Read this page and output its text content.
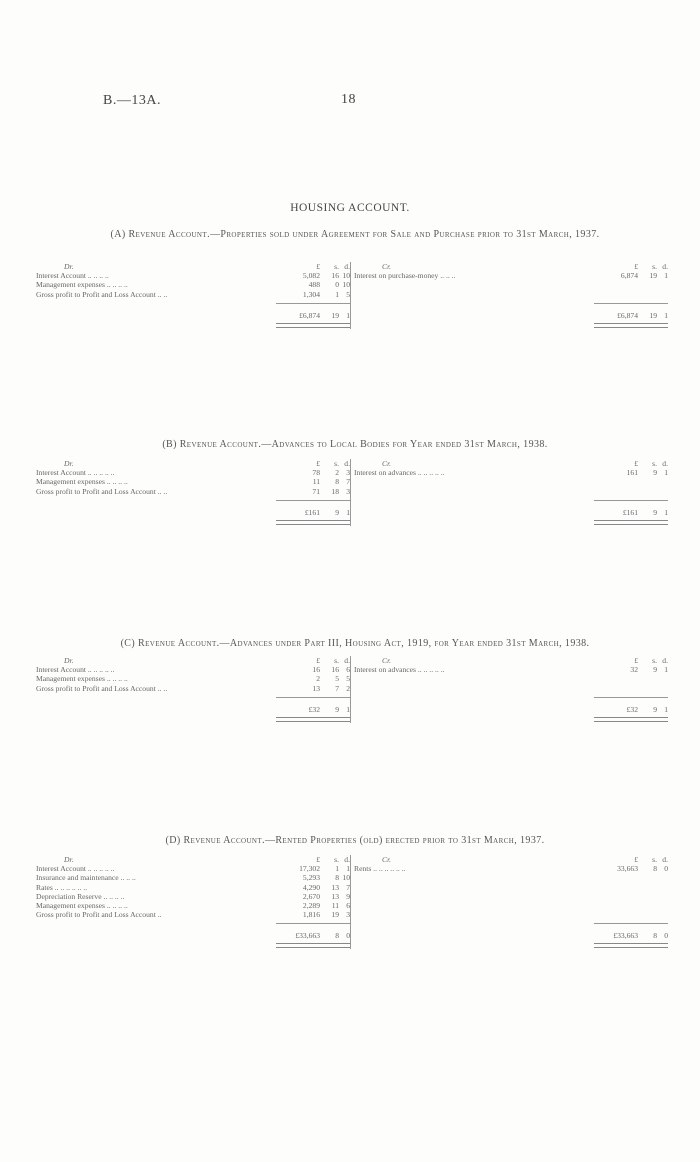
B.—13A.	18
HOUSING ACCOUNT.
(A) Revenue Account.—Properties sold under Agreement for Sale and Purchase prior to 31st March, 1937.
Dr.	£	s. d.
Interest Account .. .. .. ..	5,082	16 10
Management expenses .. .. .. ..	488	0 10
Gross profit to Profit and Loss Account .. ..	1,304	1 5
£6,874	19 1
Cr.	£	s. d.
Interest on purchase-money .. .. ..	6,874	19 1
£6,874	19 1
(B) Revenue Account.—Advances to Local Bodies for Year ended 31st March, 1938.
Dr.	£	s. d.
Interest Account .. .. .. .. ..	78	2 3
Management expenses .. .. .. ..	11	8 7
Gross profit to Profit and Loss Account .. ..	71	18 3
£161	9 1
Cr.	£	s. d.
Interest on advances .. .. .. .. ..	161	9 1
£161	9 1
(C) Revenue Account.—Advances under Part III, Housing Act, 1919, for Year ended 31st March, 1938.
Dr.	£	s. d.
Interest Account .. .. .. .. ..	16	16 6
Management expenses .. .. .. ..	2	5 5
Gross profit to Profit and Loss Account .. ..	13	7 2
£32	9 1
Cr.	£	s. d.
Interest on advances .. .. .. .. ..	32	9 1
£32	9 1
(D) Revenue Account.—Rented Properties (old) erected prior to 31st March, 1937.
Dr.	£	s. d.
Interest Account .. .. .. .. ..	17,302	1 1
Insurance and maintenance .. .. ..	5,293	8 10
Rates .. .. .. .. .. ..	4,290	13 7
Depreciation Reserve .. .. .. ..	2,670	13 9
Management expenses .. .. .. ..	2,289	11 6
Gross profit to Profit and Loss Account ..	1,816	19 3
£33,663	8 0
Cr.	£	s. d.
Rents .. .. .. .. .. ..	33,663	8 0
£33,663	8 0
